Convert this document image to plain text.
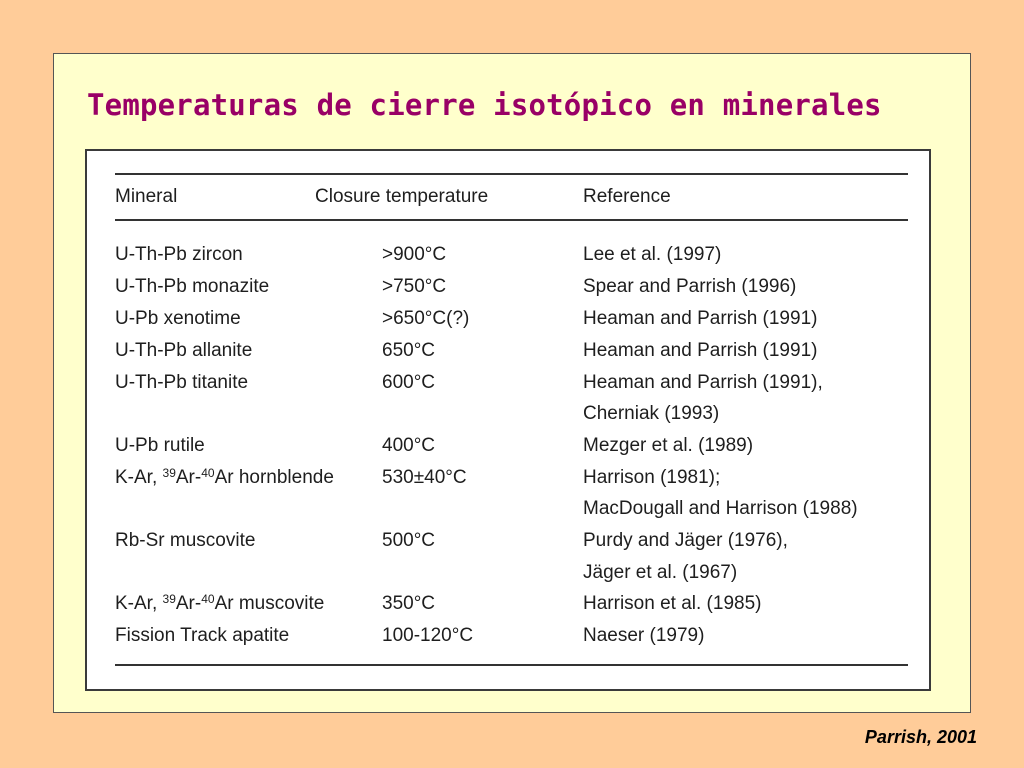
Temperaturas de cierre isotópico en minerales
Mineral	Closure temperature	Reference
U-Th-Pb zircon	>900°C	Lee et al. (1997)
U-Th-Pb monazite	>750°C	Spear and Parrish (1996)
U-Pb xenotime	>650°C(?)	Heaman and Parrish (1991)
U-Th-Pb allanite	650°C	Heaman and Parrish (1991)
U-Th-Pb titanite	600°C	Heaman and Parrish (1991),
Cherniak (1993)
U-Pb rutile	400°C	Mezger et al. (1989)
K-Ar, $^{39}$Ar-$^{40}$Ar hornblende	530±40°C	Harrison (1981);
MacDougall and Harrison (1988)
Rb-Sr muscovite	500°C	Purdy and Jäger (1976),
Jäger et al. (1967)
K-Ar, $^{39}$Ar-$^{40}$Ar muscovite	350°C	Harrison et al. (1985)
Fission Track apatite	100-120°C	Naeser (1979)
Parrish, 2001
